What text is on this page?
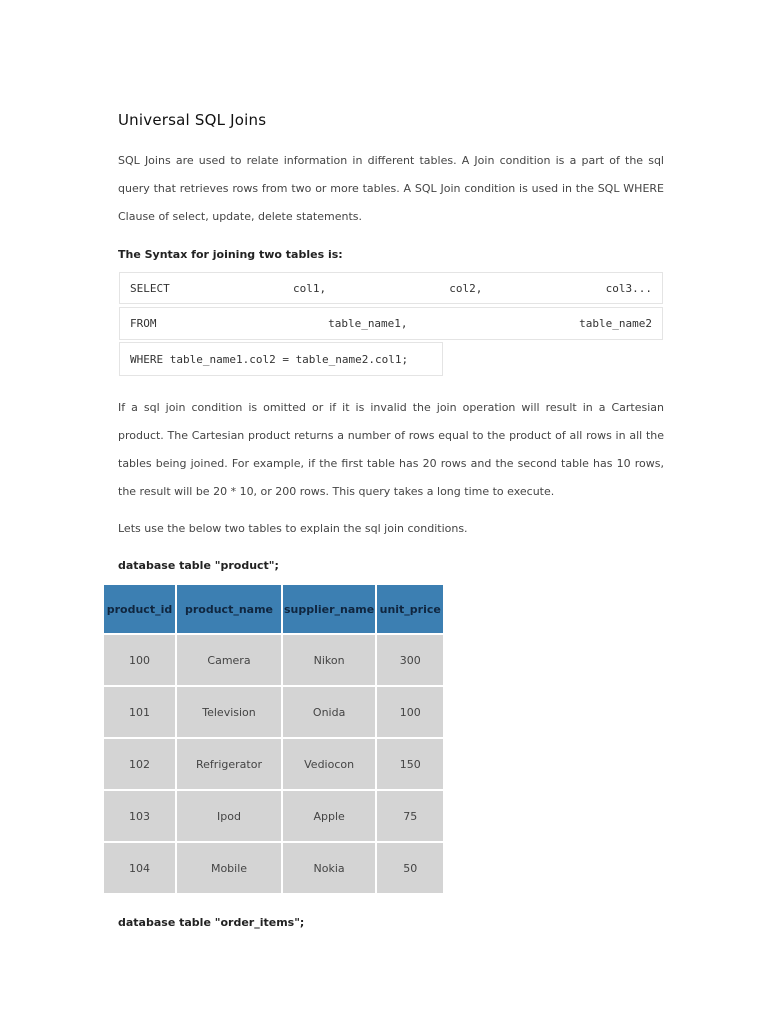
Universal SQL Joins

SQL Joins are used to relate information in different tables. A Join condition is a part of the sql query that retrieves rows from two or more tables. A SQL Join condition is used in the SQL WHERE Clause of select, update, delete statements.

The Syntax for joining two tables is:

SELECT	col1,	col2,	col3...
FROM	table_name1,	table_name2
WHERE table_name1.col2 = table_name2.col1;

If a sql join condition is omitted or if it is invalid the join operation will result in a Cartesian product. The Cartesian product returns a number of rows equal to the product of all rows in all the tables being joined. For example, if the first table has 20 rows and the second table has 10 rows, the result will be 20 * 10, or 200 rows. This query takes a long time to execute.

Lets use the below two tables to explain the sql join conditions.

database table "product";

product_id	product_name	supplier_name	unit_price
100	Camera	Nikon	300
101	Television	Onida	100
102	Refrigerator	Vediocon	150
103	Ipod	Apple	75
104	Mobile	Nokia	50

database table "order_items";
